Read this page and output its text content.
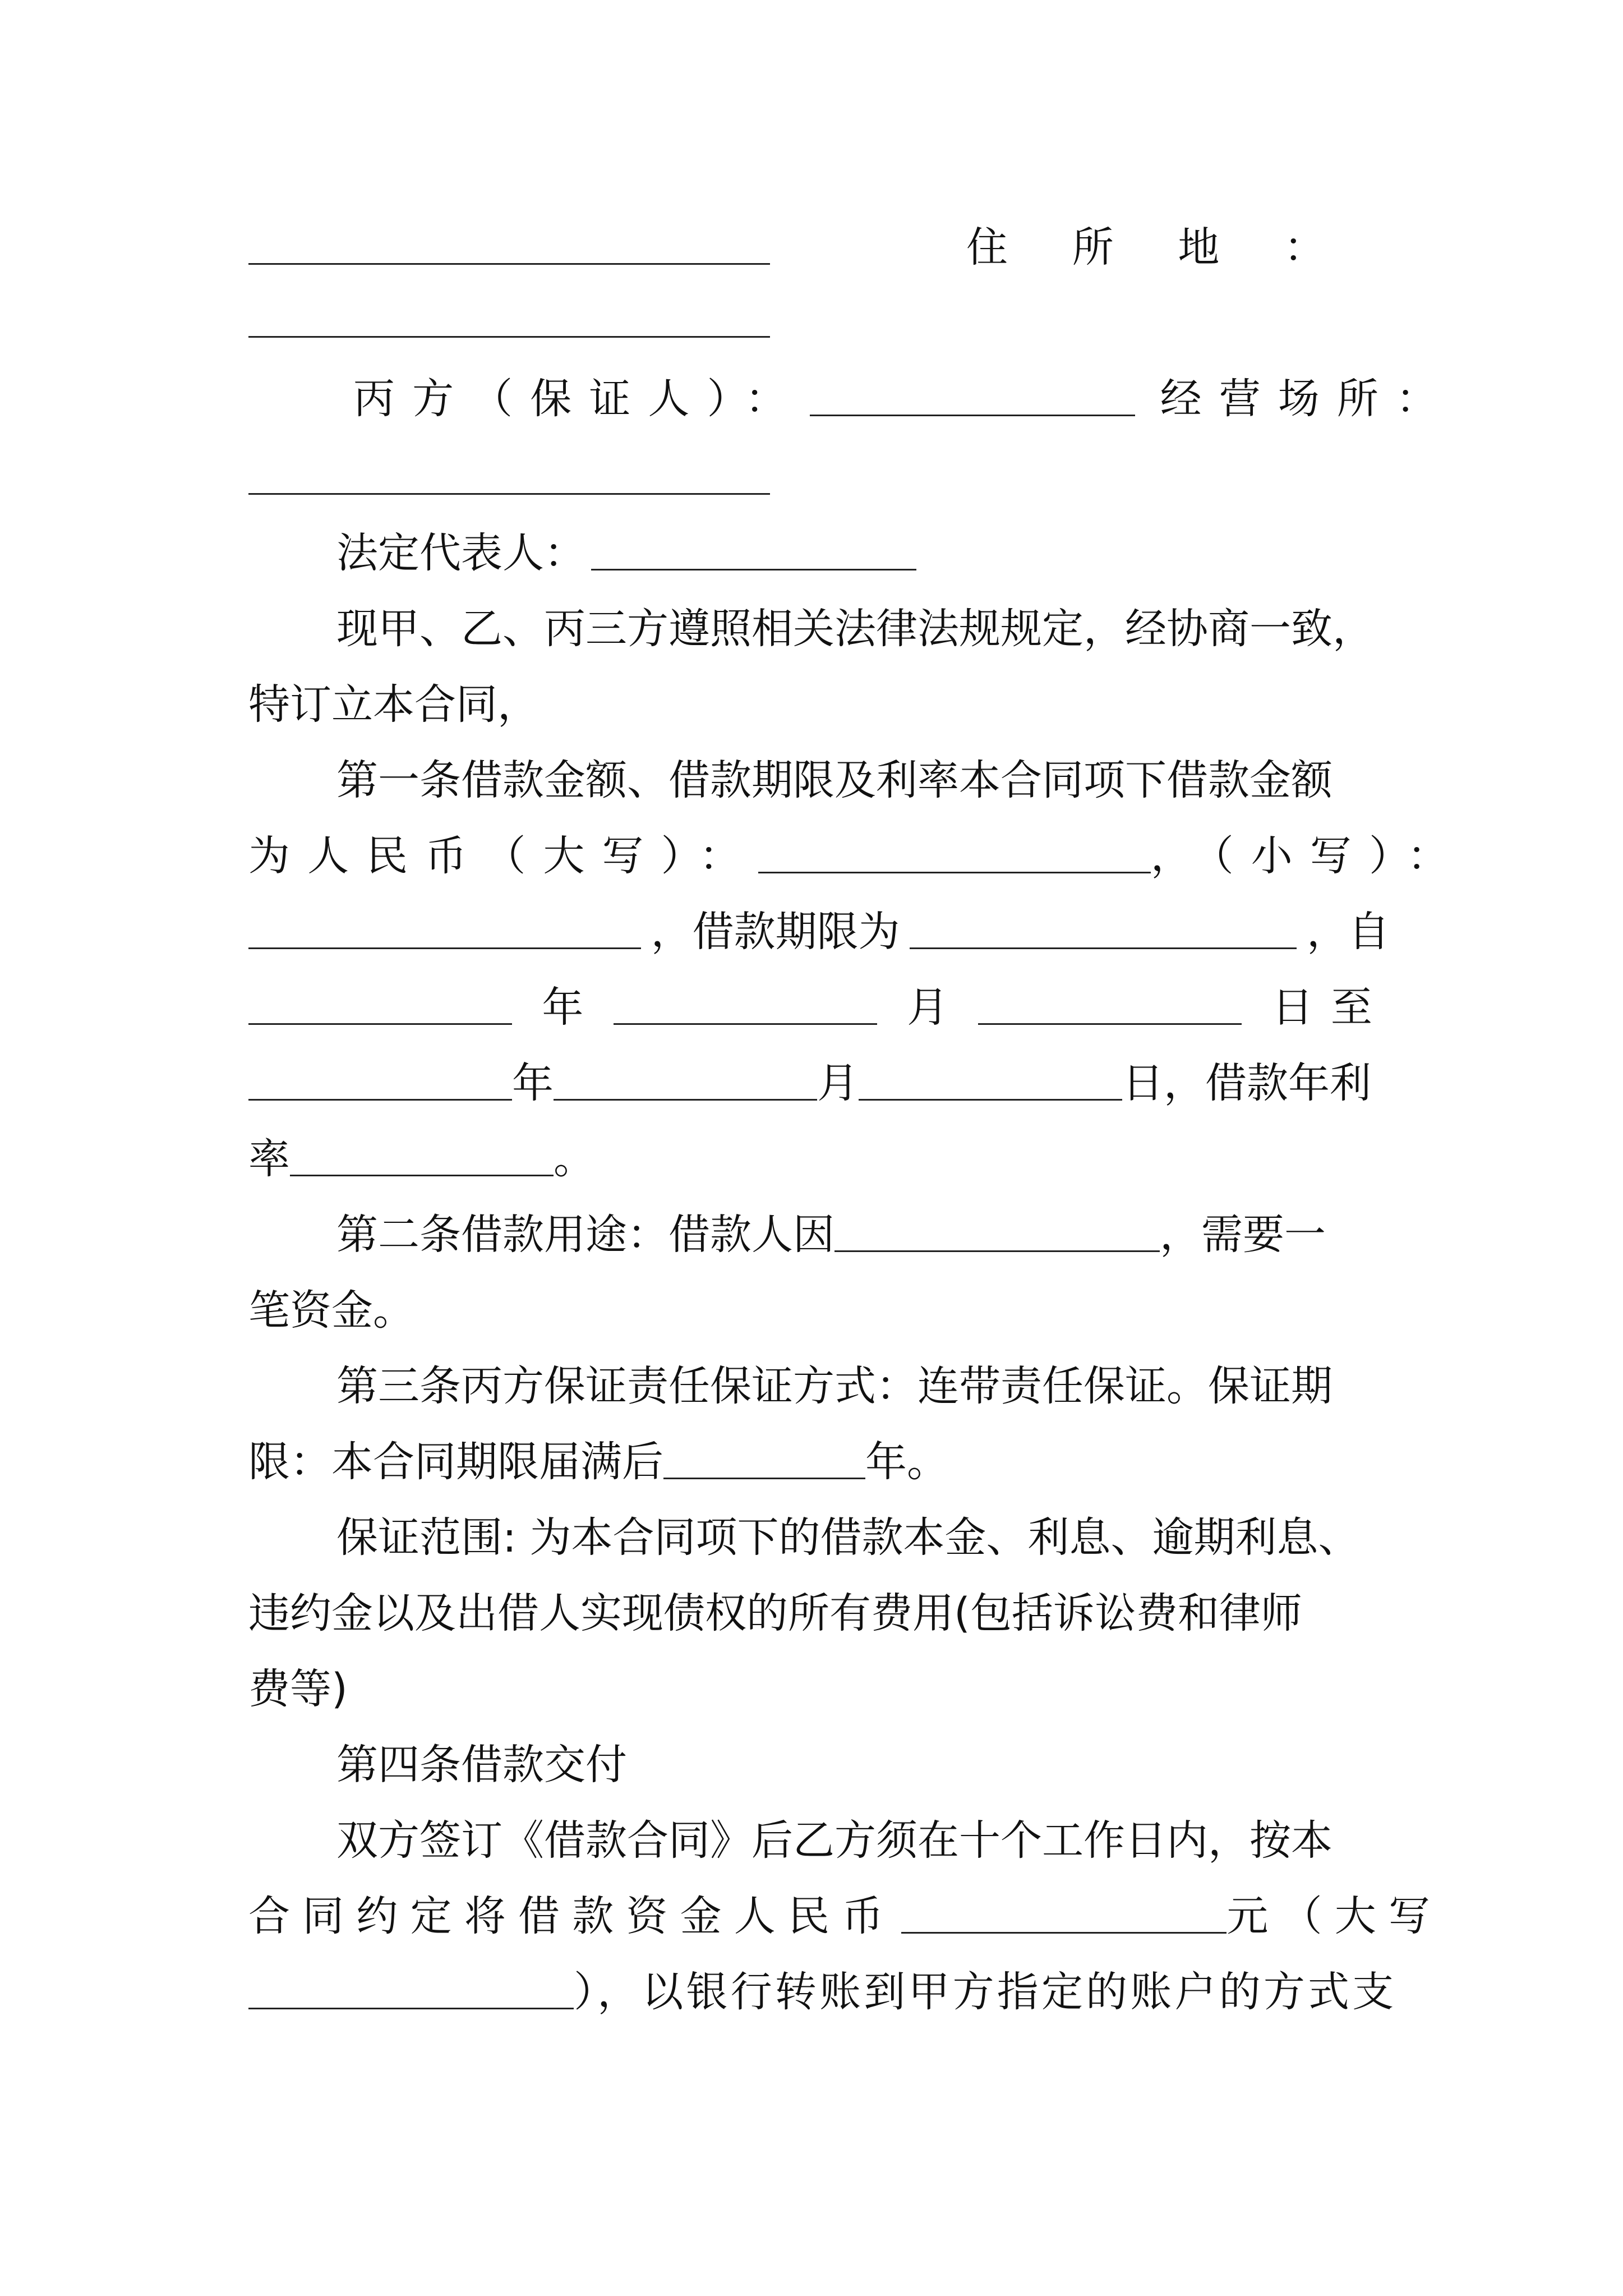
住所地：
丙方（保证人）：	经营场所：
法定代表人：
现甲、乙、丙三方遵照相关法律法规规定，经协商一致，
特订立本合同，
第一条借款金额、借款期限及利率本合同项下借款金额
为人民币（大写）：	， （小写）：
，借款期限为	，自
年	月	日至
年	月	日，借款年利
率	。
第二条借款用途：借款人因	，需要一
笔资金。
第三条丙方保证责任保证方式：连带责任保证。保证期
限：本合同期限届满后	年。
保证范围: 为本合同项下的借款本金、利息、逾期利息、
违约金以及出借人实现债权的所有费用(包括诉讼费和律师
费等)
第四条借款交付
双方签订《借款合同》后乙方须在十个工作日内，按本
合同约定将借款资金人民币	元（大写
），以银行转账到甲方指定的账户的方式支
